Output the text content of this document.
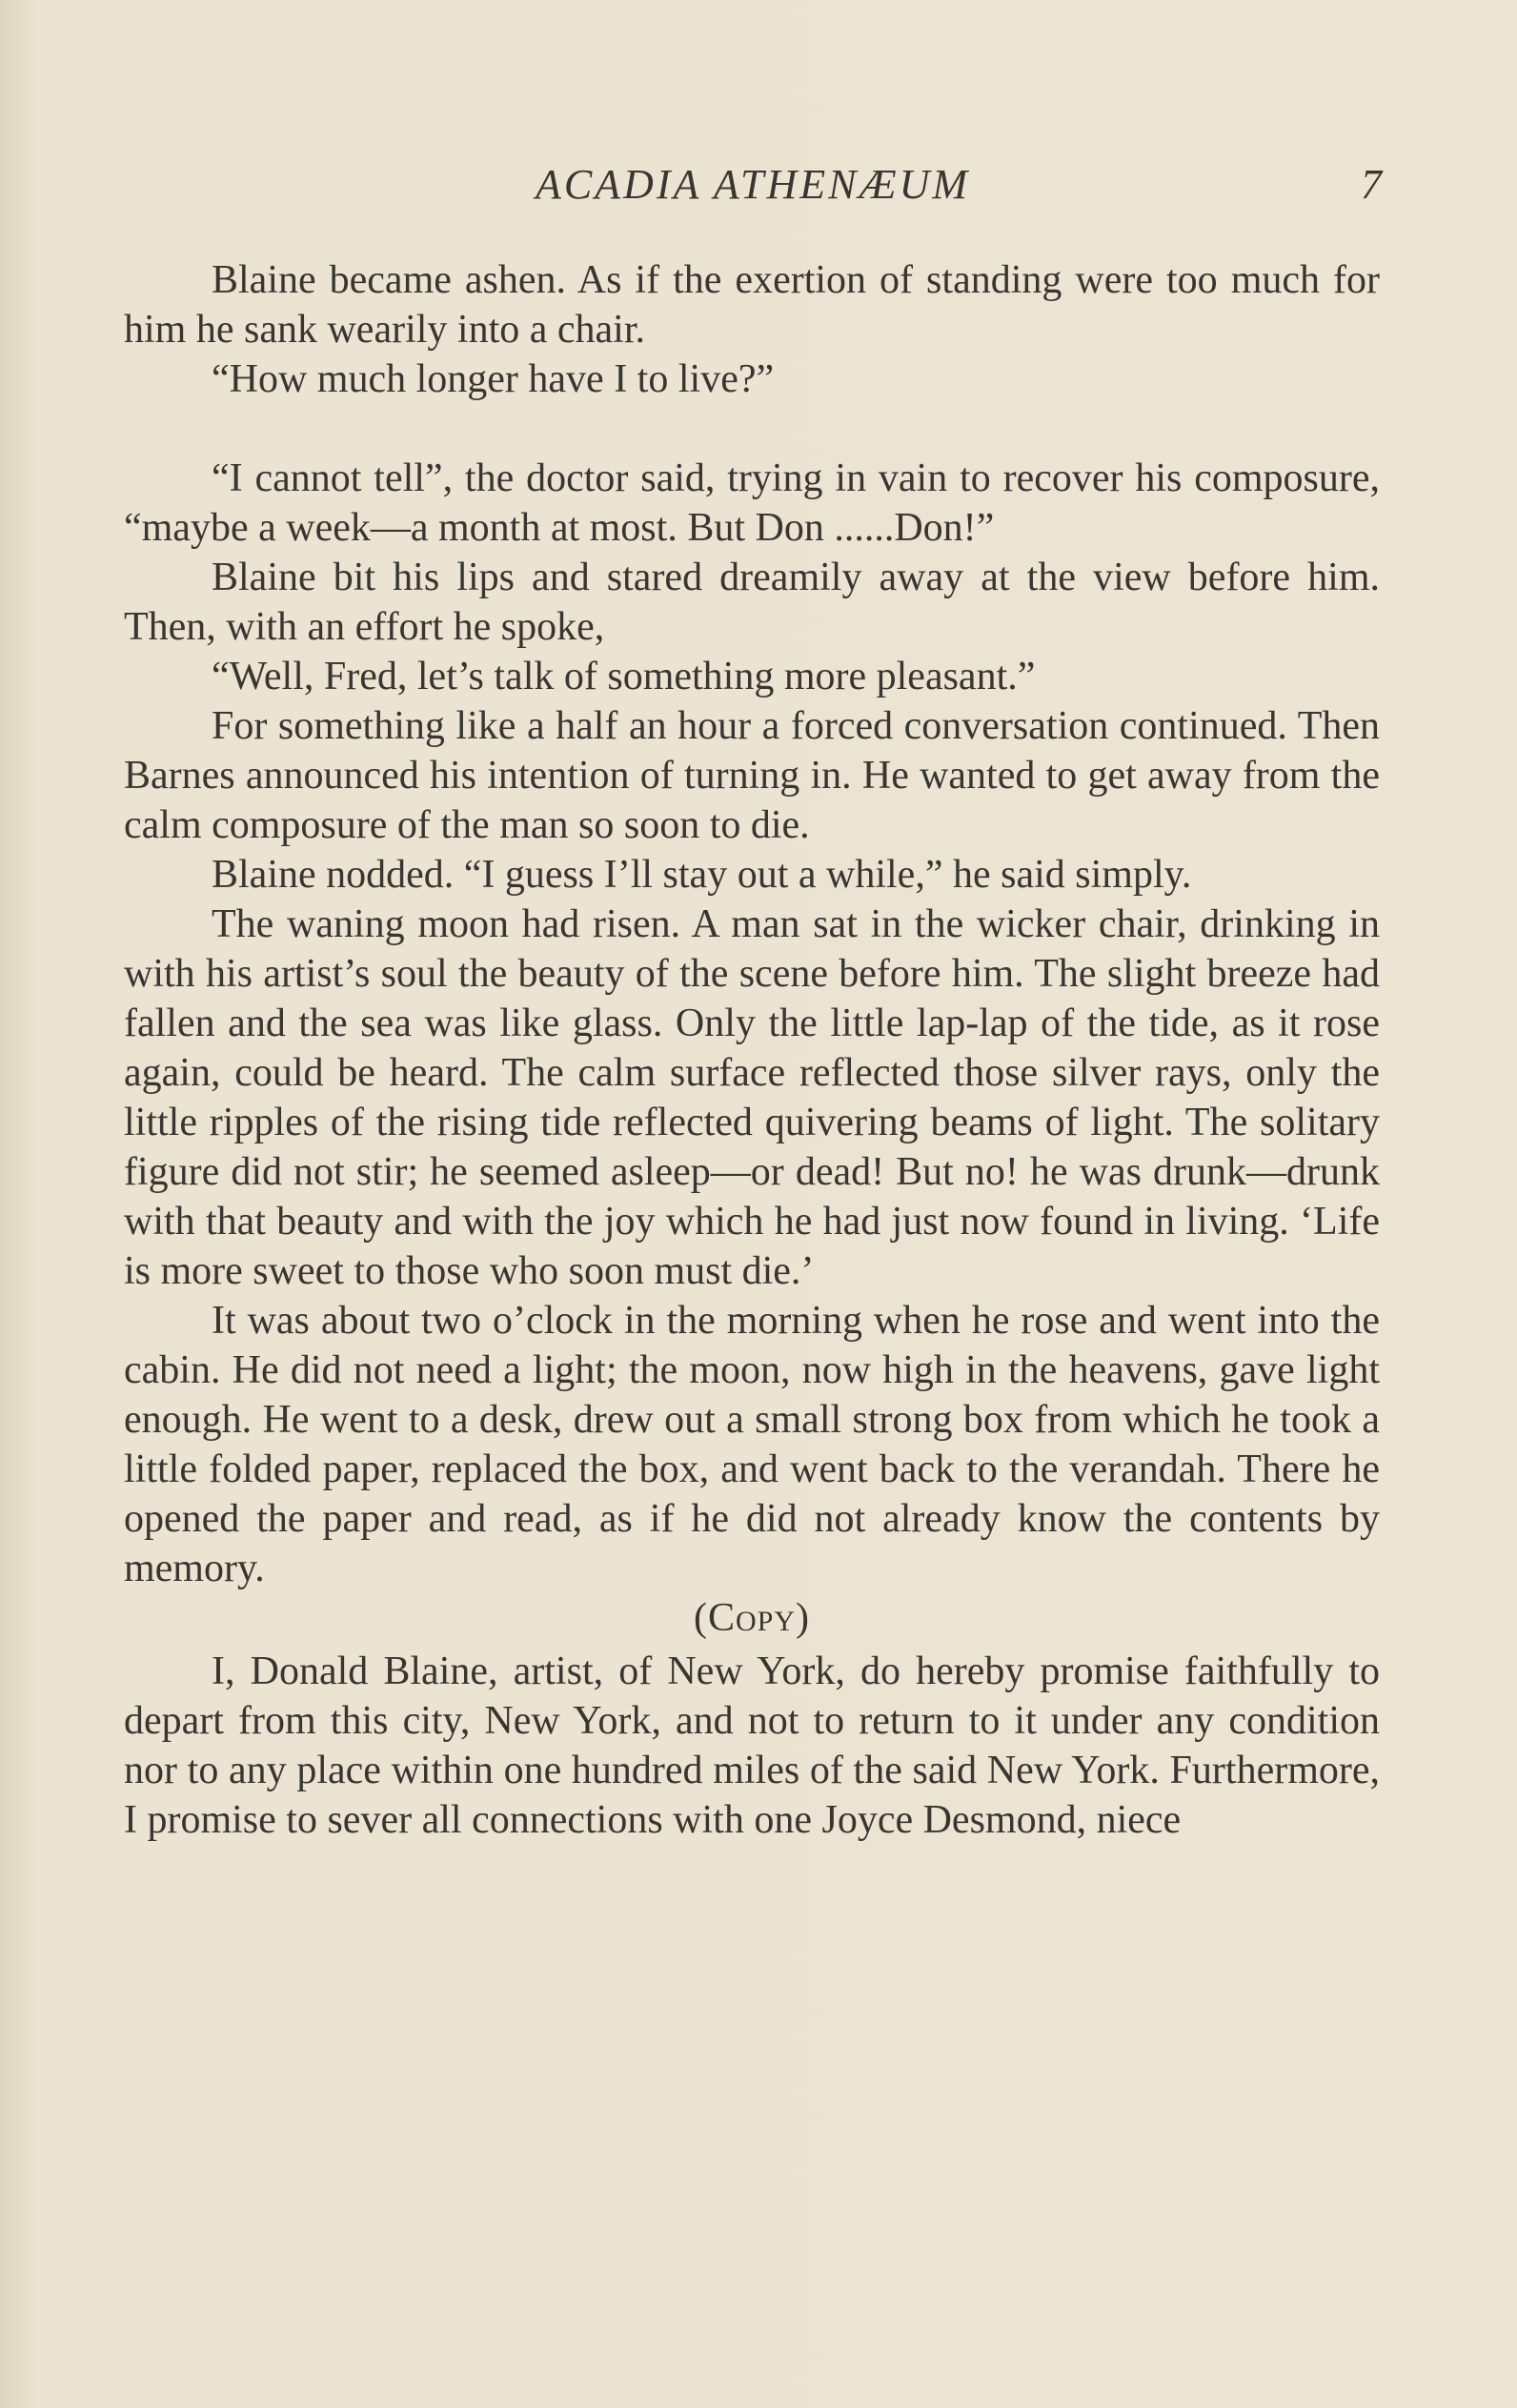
ACADIA ATHENÆUM	7

Blaine became ashen. As if the exertion of standing were too much for him he sank wearily into a chair.

“How much longer have I to live?”

“I cannot tell”, the doctor said, trying in vain to recover his composure, “maybe a week—a month at most. But Don ......Don!”

Blaine bit his lips and stared dreamily away at the view before him. Then, with an effort he spoke,

“Well, Fred, let’s talk of something more pleasant.”

For something like a half an hour a forced conversation continued. Then Barnes announced his intention of turning in. He wanted to get away from the calm composure of the man so soon to die.

Blaine nodded. “I guess I’ll stay out a while,” he said simply.

The waning moon had risen. A man sat in the wicker chair, drinking in with his artist’s soul the beauty of the scene before him. The slight breeze had fallen and the sea was like glass. Only the little lap-lap of the tide, as it rose again, could be heard. The calm surface reflected those silver rays, only the little ripples of the rising tide reflected quivering beams of light. The solitary figure did not stir; he seemed asleep—or dead! But no! he was drunk—drunk with that beauty and with the joy which he had just now found in living. ‘Life is more sweet to those who soon must die.’

It was about two o’clock in the morning when he rose and went into the cabin. He did not need a light; the moon, now high in the heavens, gave light enough. He went to a desk, drew out a small strong box from which he took a little folded paper, replaced the box, and went back to the verandah. There he opened the paper and read, as if he did not already know the contents by memory.

(COPY)

I, Donald Blaine, artist, of New York, do hereby promise faithfully to depart from this city, New York, and not to return to it under any condition nor to any place within one hundred miles of the said New York. Furthermore, I promise to sever all connections with one Joyce Desmond, niece
